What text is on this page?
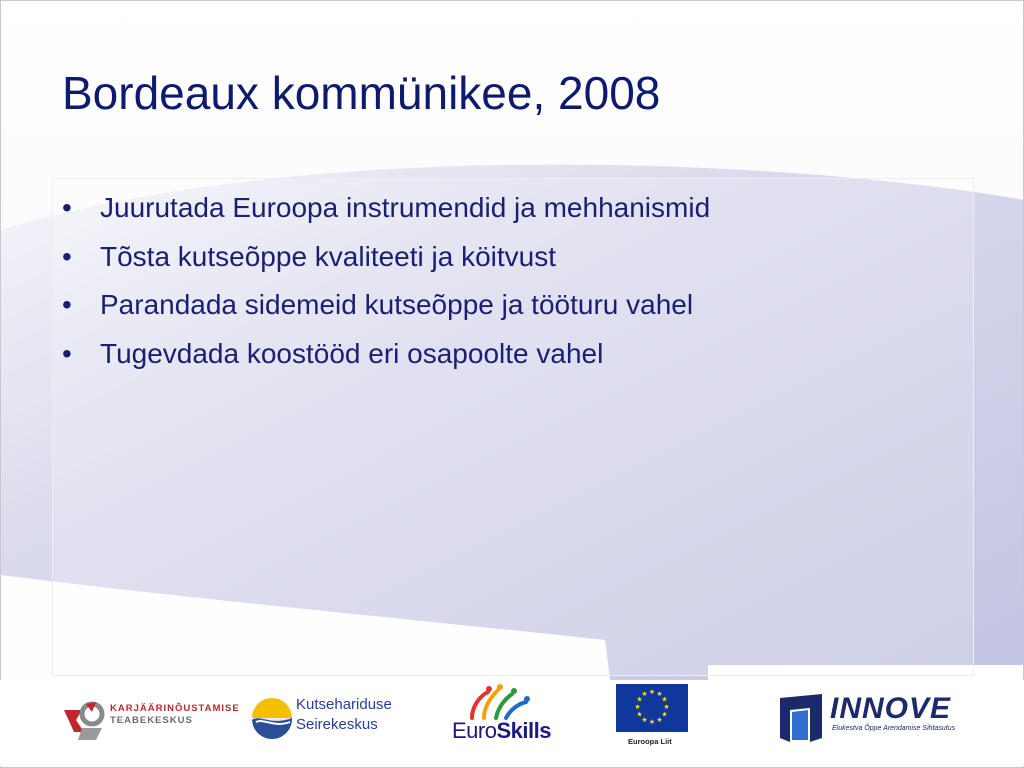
Bordeaux kommünikee, 2008
• Juurutada Euroopa instrumendid ja mehhanismid
• Tõsta kutseõppe kvaliteeti ja köitvust
• Parandada sidemeid kutseõppe ja tööturu vahel
• Tugevdada koostööd eri osapoolte vahel
KARJÄÄRINÕUSTAMISE
TEABEKESKUS
Kutsehariduse
Seirekeskus	EuroSkills
★ ★
★
★
★
★
★
★
★
★
★
★
Euroopa Liit
INNOVE
Elukestva Õppe Arendamise Sihtasutus
